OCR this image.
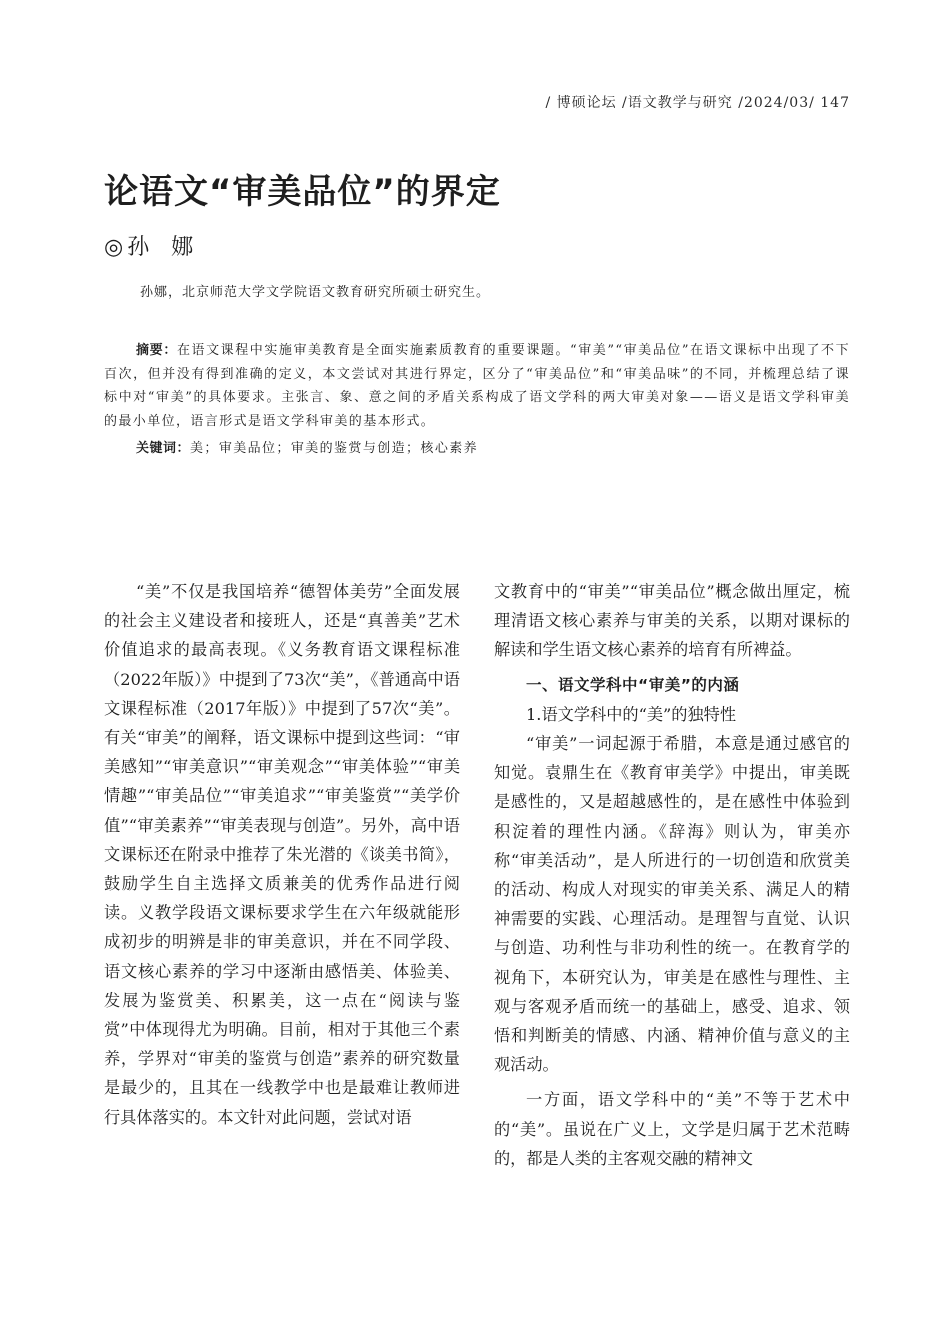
/ 博硕论坛 /语文教学与研究 /2024/03/ 147
论语文“审美品位”的界定
◎孙娜
孙娜，北京师范大学文学院语文教育研究所硕士研究生。

摘要：在语文课程中实施审美教育是全面实施素质教育的重要课题。“审美”“审美品位”在语文课标中出现了不下百次，但并没有得到准确的定义，本文尝试对其进行界定，区分了“审美品位”和“审美品味”的不同，并梳理总结了课标中对“审美”的具体要求。主张言、象、意之间的矛盾关系构成了语文学科的两大审美对象——语义是语文学科审美的最小单位，语言形式是语文学科审美的基本形式。

关键词：美；审美品位；审美的鉴赏与创造；核心素养

“美”不仅是我国培养“德智体美劳”全面发展的社会主义建设者和接班人，还是“真善美”艺术价值追求的最高表现。《义务教育语文课程标准（2022年版）》中提到了73次“美”，《普通高中语文课程标准（2017年版）》中提到了57次“美”。有关“审美”的阐释，语文课标中提到这些词：“审美感知”“审美意识”“审美观念”“审美体验”“审美情趣”“审美品位”“审美追求”“审美鉴赏”“美学价值”“审美素养”“审美表现与创造”。另外，高中语文课标还在附录中推荐了朱光潜的《谈美书简》，鼓励学生自主选择文质兼美的优秀作品进行阅读。义教学段语文课标要求学生在六年级就能形成初步的明辨是非的审美意识，并在不同学段、语文核心素养的学习中逐渐由感悟美、体验美、发展为鉴赏美、积累美，这一点在“阅读与鉴赏”中体现得尤为明确。目前，相对于其他三个素养，学界对“审美的鉴赏与创造”素养的研究数量是最少的，且其在一线教学中也是最难让教师进行具体落实的。本文针对此问题，尝试对语

文教育中的“审美”“审美品位”概念做出厘定，梳理清语文核心素养与审美的关系，以期对课标的解读和学生语文核心素养的培育有所裨益。

一、语文学科中“审美”的内涵

1.语文学科中的“美”的独特性

“审美”一词起源于希腊，本意是通过感官的知觉。袁鼎生在《教育审美学》中提出，审美既是感性的，又是超越感性的，是在感性中体验到积淀着的理性内涵。《辞海》则认为，审美亦称“审美活动”，是人所进行的一切创造和欣赏美的活动、构成人对现实的审美关系、满足人的精神需要的实践、心理活动。是理智与直觉、认识与创造、功利性与非功利性的统一。在教育学的视角下，本研究认为，审美是在感性与理性、主观与客观矛盾而统一的基础上，感受、追求、领悟和判断美的情感、内涵、精神价值与意义的主观活动。

一方面，语文学科中的“美”不等于艺术中的“美”。虽说在广义上，文学是归属于艺术范畴的，都是人类的主客观交融的精神文
